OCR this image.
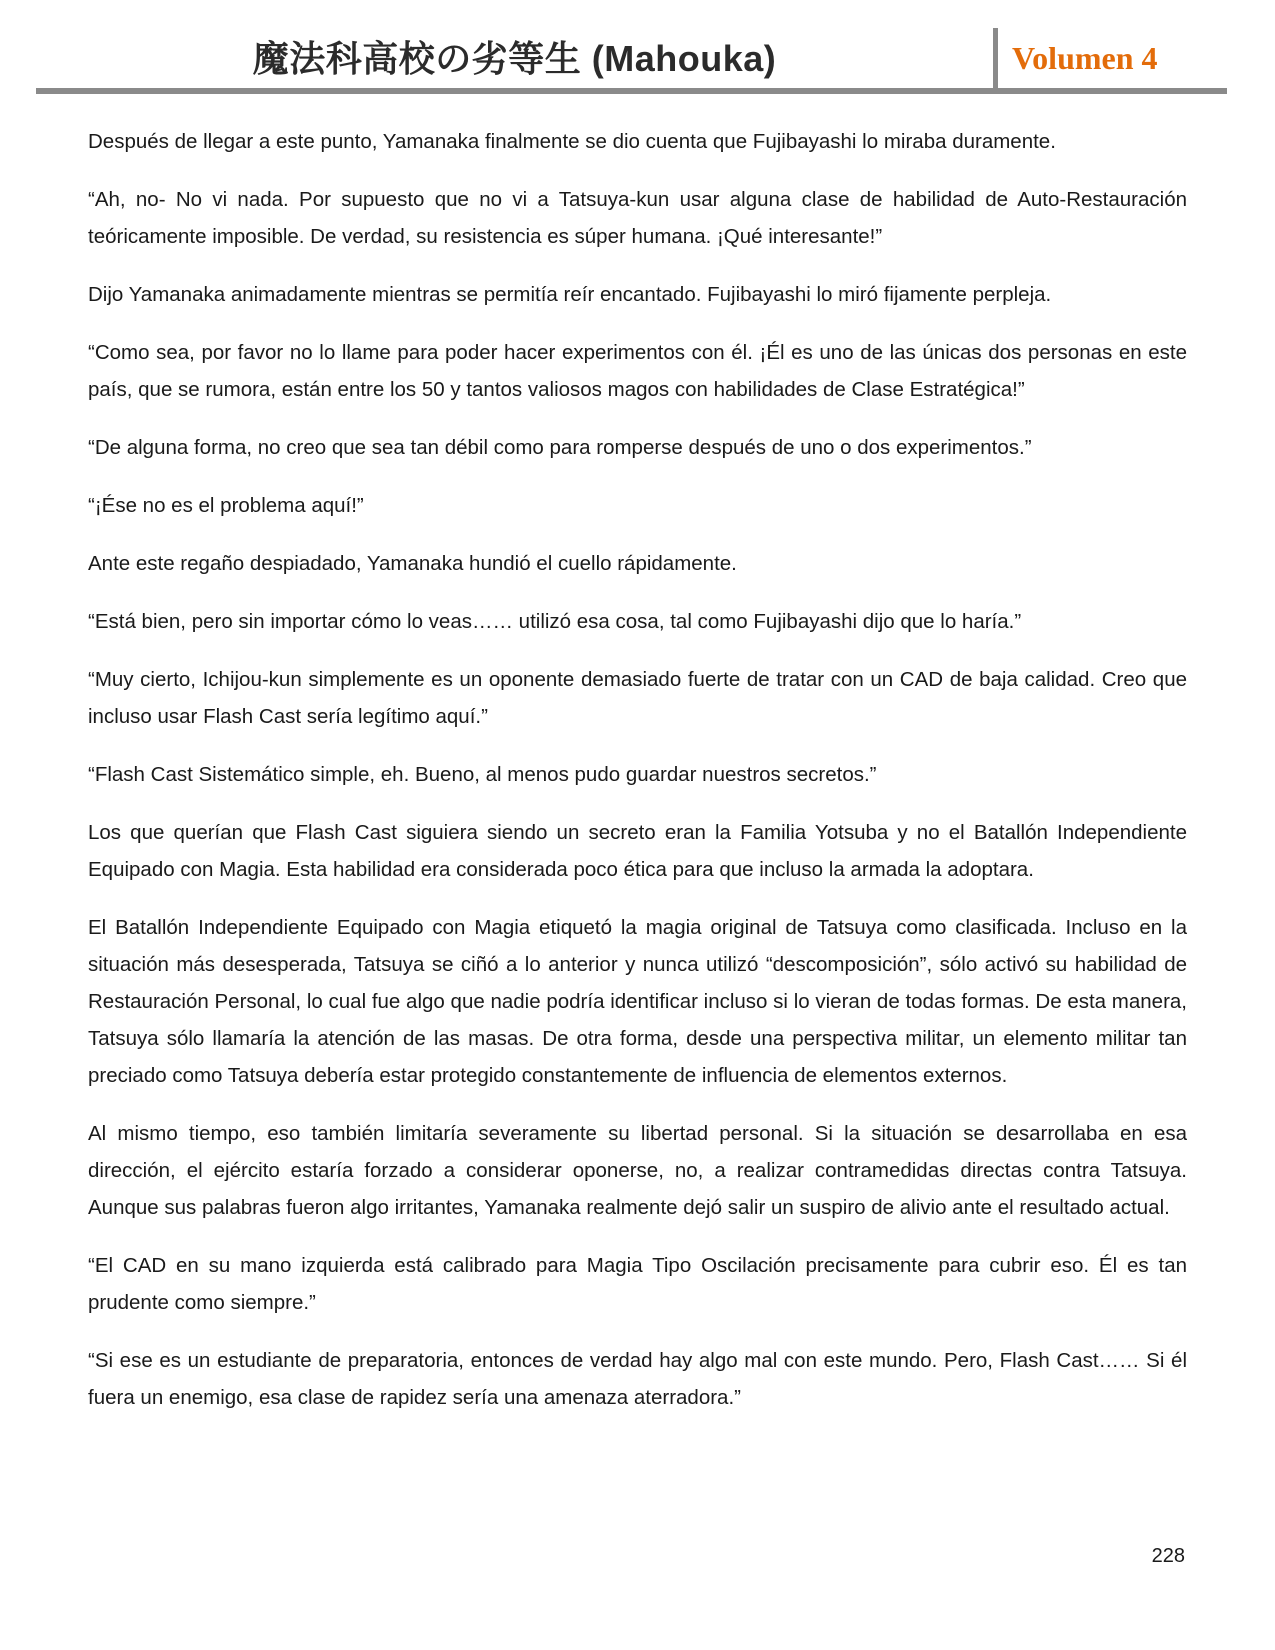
魔法科高校の劣等生 (Mahouka)	Volumen 4

Después de llegar a este punto, Yamanaka finalmente se dio cuenta que Fujibayashi lo miraba duramente.

“Ah, no- No vi nada. Por supuesto que no vi a Tatsuya-kun usar alguna clase de habilidad de Auto-Restauración teóricamente imposible. De verdad, su resistencia es súper humana. ¡Qué interesante!”

Dijo Yamanaka animadamente mientras se permitía reír encantado. Fujibayashi lo miró fijamente perpleja.

“Como sea, por favor no lo llame para poder hacer experimentos con él. ¡Él es uno de las únicas dos personas en este país, que se rumora, están entre los 50 y tantos valiosos magos con habilidades de Clase Estratégica!”

“De alguna forma, no creo que sea tan débil como para romperse después de uno o dos experimentos.”

“¡Ése no es el problema aquí!”

Ante este regaño despiadado, Yamanaka hundió el cuello rápidamente.

“Está bien, pero sin importar cómo lo veas…… utilizó esa cosa, tal como Fujibayashi dijo que lo haría.”

“Muy cierto, Ichijou-kun simplemente es un oponente demasiado fuerte de tratar con un CAD de baja calidad. Creo que incluso usar Flash Cast sería legítimo aquí.”

“Flash Cast Sistemático simple, eh. Bueno, al menos pudo guardar nuestros secretos.”

Los que querían que Flash Cast siguiera siendo un secreto eran la Familia Yotsuba y no el Batallón Independiente Equipado con Magia. Esta habilidad era considerada poco ética para que incluso la armada la adoptara.

El Batallón Independiente Equipado con Magia etiquetó la magia original de Tatsuya como clasificada. Incluso en la situación más desesperada, Tatsuya se ciñó a lo anterior y nunca utilizó “descomposición”, sólo activó su habilidad de Restauración Personal, lo cual fue algo que nadie podría identificar incluso si lo vieran de todas formas. De esta manera, Tatsuya sólo llamaría la atención de las masas. De otra forma, desde una perspectiva militar, un elemento militar tan preciado como Tatsuya debería estar protegido constantemente de influencia de elementos externos.

Al mismo tiempo, eso también limitaría severamente su libertad personal. Si la situación se desarrollaba en esa dirección, el ejército estaría forzado a considerar oponerse, no, a realizar contramedidas directas contra Tatsuya. Aunque sus palabras fueron algo irritantes, Yamanaka realmente dejó salir un suspiro de alivio ante el resultado actual.

“El CAD en su mano izquierda está calibrado para Magia Tipo Oscilación precisamente para cubrir eso. Él es tan prudente como siempre.”

“Si ese es un estudiante de preparatoria, entonces de verdad hay algo mal con este mundo. Pero, Flash Cast…… Si él fuera un enemigo, esa clase de rapidez sería una amenaza aterradora.”

228
